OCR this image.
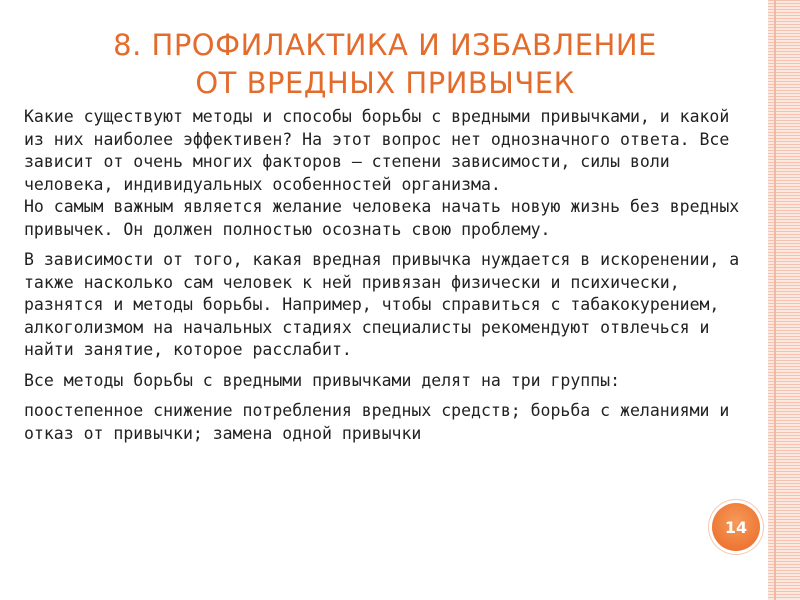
8. ПРОФИЛАКТИКА И ИЗБАВЛЕНИЕ
ОТ ВРЕДНЫХ ПРИВЫЧЕК

Какие существуют методы и способы борьбы с вредными привычками, и какой из них наиболее эффективен? На этот вопрос нет однозначного ответа. Все зависит от очень многих факторов – степени зависимости, силы воли человека, индивидуальных особенностей организма.

Но самым важным является желание человека начать новую жизнь без вредных привычек. Он должен полностью осознать свою проблему.

В зависимости от того, какая вредная привычка нуждается в искоренении, а также насколько сам человек к ней привязан физически и психически, разнятся и методы борьбы. Например, чтобы справиться с табакокурением, алкоголизмом на начальных стадиях специалисты рекомендуют отвлечься и найти занятие, которое расслабит.

Все методы борьбы с вредными привычками делят на три группы:

поостепенное снижение потребления вредных средств; борьба с желаниями и отказ от привычки; замена одной привычки

14
